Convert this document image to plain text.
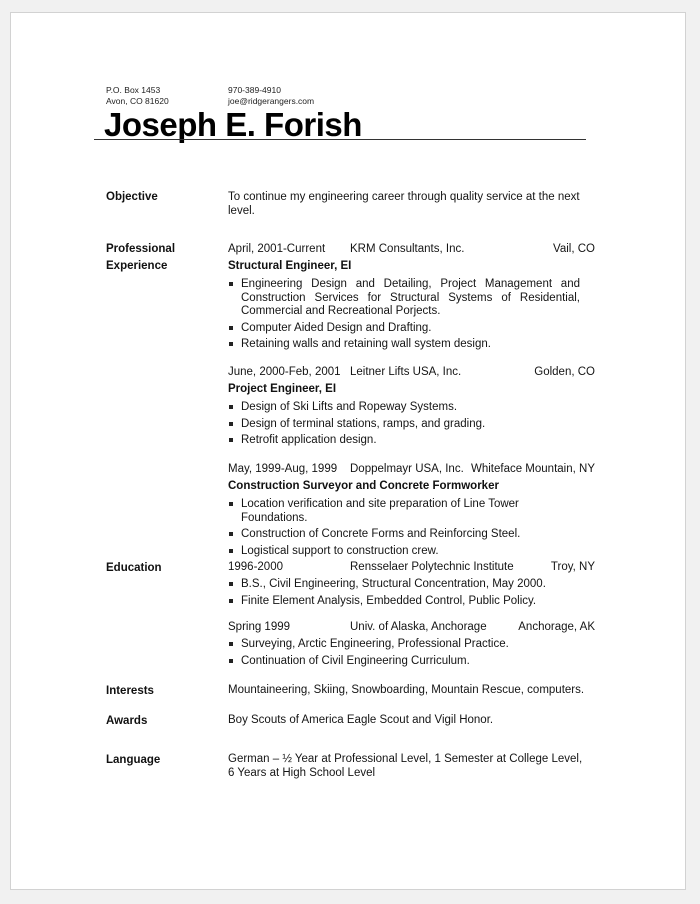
P.O. Box 1453
Avon, CO 81620
970-389-4910
joe@ridgerangers.com
Joseph E. Forish
Objective	To continue my engineering career through quality service at the next
level.
Professional
Experience
April, 2001-Current KRM Consultants, Inc.	Vail, CO
Structural Engineer, EI
Engineering Design and Detailing, Project Management and Construction Services for Structural Systems of Residential, Commercial and Recreational Porjects.
Computer Aided Design and Drafting.
Retaining walls and retaining wall system design.
June, 2000-Feb, 2001 Leitner Lifts USA, Inc.	Golden, CO
Project Engineer, EI
Design of Ski Lifts and Ropeway Systems.
Design of terminal stations, ramps, and grading.
Retrofit application design.
May, 1999-Aug, 1999 Doppelmayr USA, Inc. Whiteface Mountain, NY
Construction Surveyor and Concrete Formworker
Location verification and site preparation of Line Tower Foundations.
Construction of Concrete Forms and Reinforcing Steel.
Logistical support to construction crew.
Education	1996-2000	Rensselaer Polytechnic Institute	Troy, NY
B.S., Civil Engineering, Structural Concentration, May 2000.
Finite Element Analysis, Embedded Control, Public Policy.
Spring 1999	Univ. of Alaska, Anchorage	Anchorage, AK
Surveying, Arctic Engineering, Professional Practice.
Continuation of Civil Engineering Curriculum.
Interests	Mountaineering, Skiing, Snowboarding, Mountain Rescue, computers.
Awards	Boy Scouts of America Eagle Scout and Vigil Honor.
Language	German – ½ Year at Professional Level, 1 Semester at College Level,
6 Years at High School Level
